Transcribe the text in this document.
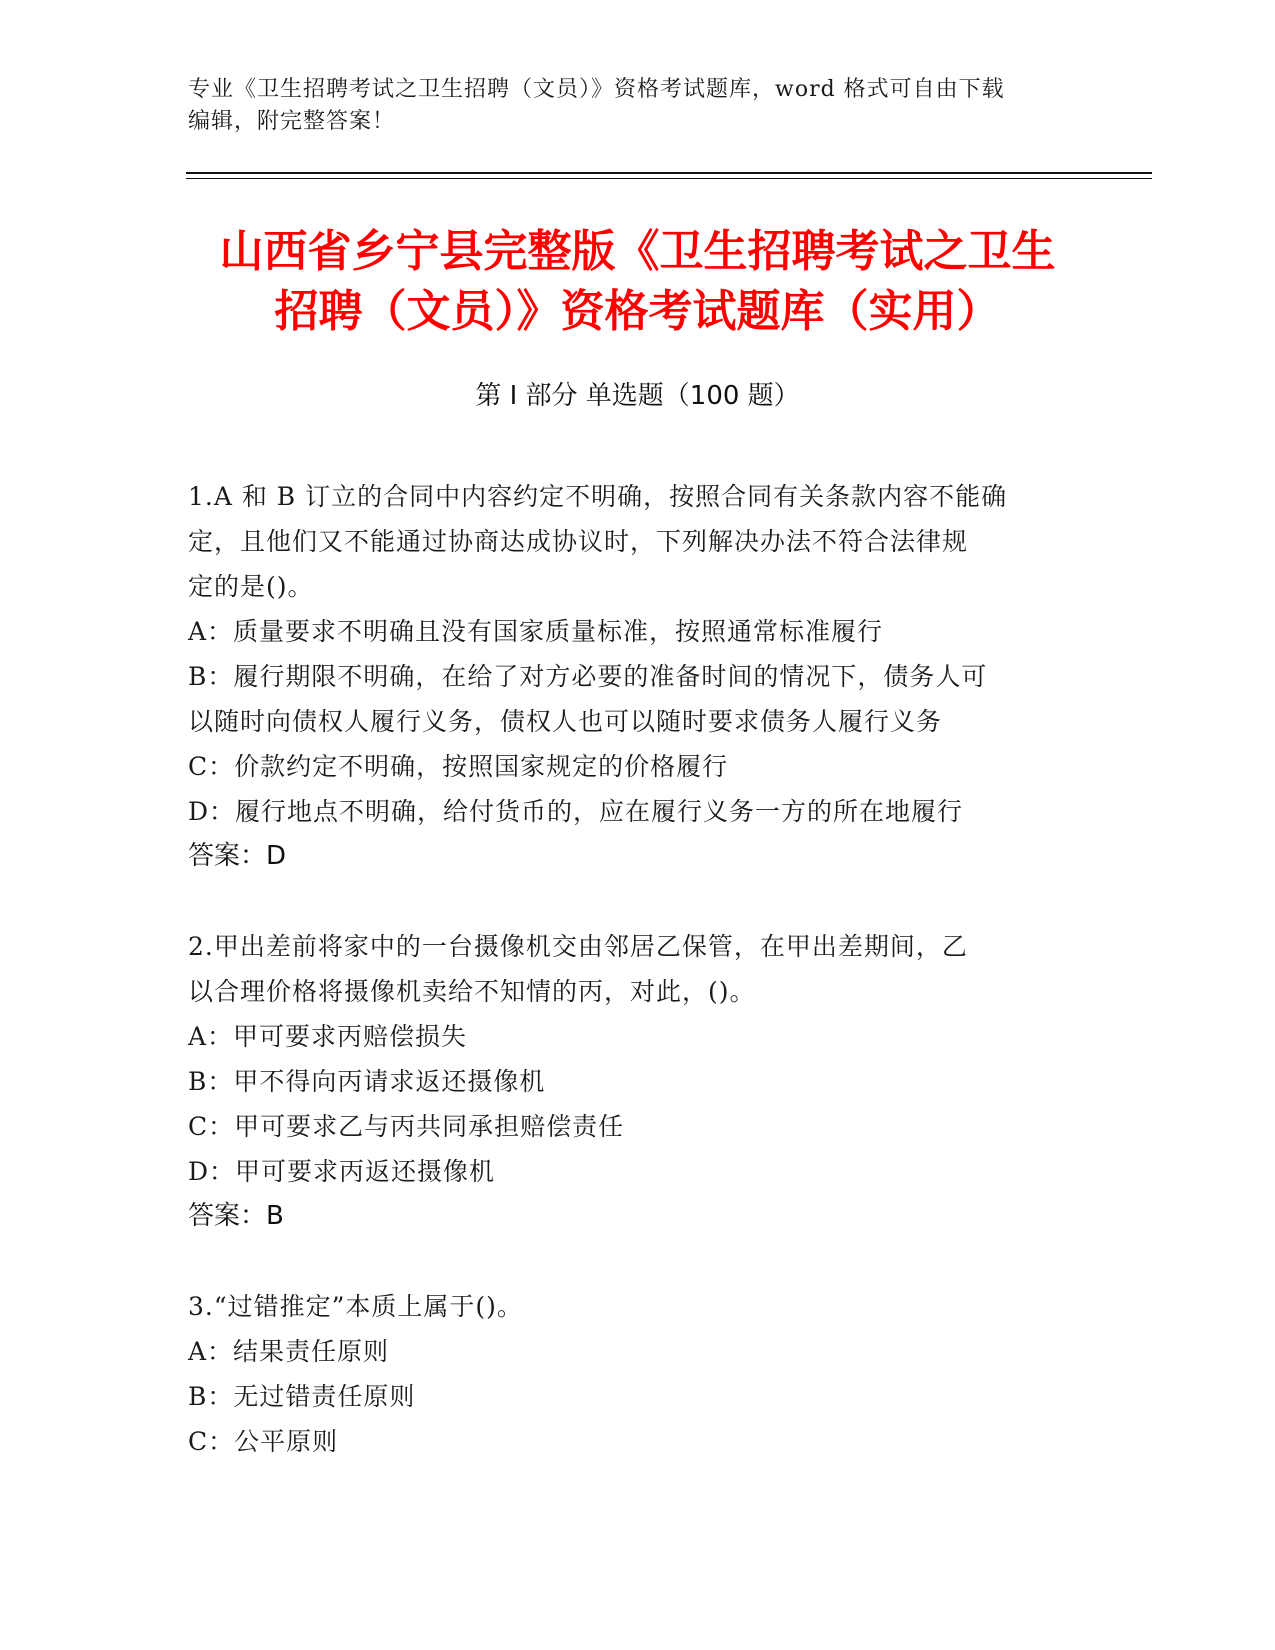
专业《卫生招聘考试之卫生招聘（文员）》资格考试题库，word 格式可自由下载
编辑，附完整答案！
山西省乡宁县完整版《卫生招聘考试之卫生
招聘（文员）》资格考试题库（实用）
第 I 部分 单选题（100 题）
1.A 和 B 订立的合同中内容约定不明确，按照合同有关条款内容不能确
定，且他们又不能通过协商达成协议时，下列解决办法不符合法律规
定的是()。
A：质量要求不明确且没有国家质量标准，按照通常标准履行
B：履行期限不明确，在给了对方必要的准备时间的情况下，债务人可
以随时向债权人履行义务，债权人也可以随时要求债务人履行义务
C：价款约定不明确，按照国家规定的价格履行
D：履行地点不明确，给付货币的，应在履行义务一方的所在地履行
答案：D
2.甲出差前将家中的一台摄像机交由邻居乙保管，在甲出差期间，乙
以合理价格将摄像机卖给不知情的丙，对此，()。
A：甲可要求丙赔偿损失
B：甲不得向丙请求返还摄像机
C：甲可要求乙与丙共同承担赔偿责任
D：甲可要求丙返还摄像机
答案：B
3.“过错推定”本质上属于()。
A：结果责任原则
B：无过错责任原则
C：公平原则
